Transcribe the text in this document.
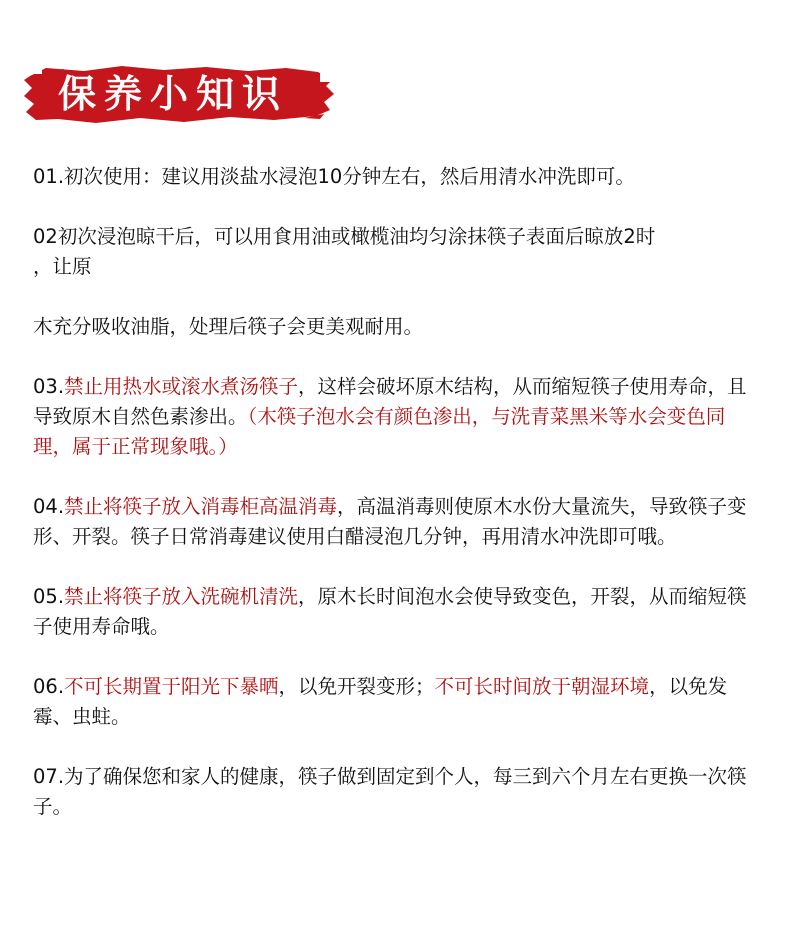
保养小知识

01.初次使用：建议用淡盐水浸泡10分钟左右，然后用清水冲洗即可。

02初次浸泡晾干后，可以用食用油或橄榄油均匀涂抹筷子表面后晾放2时

，让原

木充分吸收油脂，处理后筷子会更美观耐用。

03.禁止用热水或滚水煮汤筷子，这样会破坏原木结构，从而缩短筷子使用寿命，且导致原木自然色素渗出。（木筷子泡水会有颜色渗出，与洗青菜黑米等水会变色同理，属于正常现象哦。）

04.禁止将筷子放入消毒柜高温消毒，高温消毒则使原木水份大量流失，导致筷子变形、开裂。筷子日常消毒建议使用白醋浸泡几分钟，再用清水冲洗即可哦。

05.禁止将筷子放入洗碗机清洗，原木长时间泡水会使导致变色，开裂，从而缩短筷子使用寿命哦。

06.不可长期置于阳光下暴晒，以免开裂变形；不可长时间放于朝湿环境，以免发霉、虫蛀。

07.为了确保您和家人的健康，筷子做到固定到个人，每三到六个月左右更换一次筷子。
